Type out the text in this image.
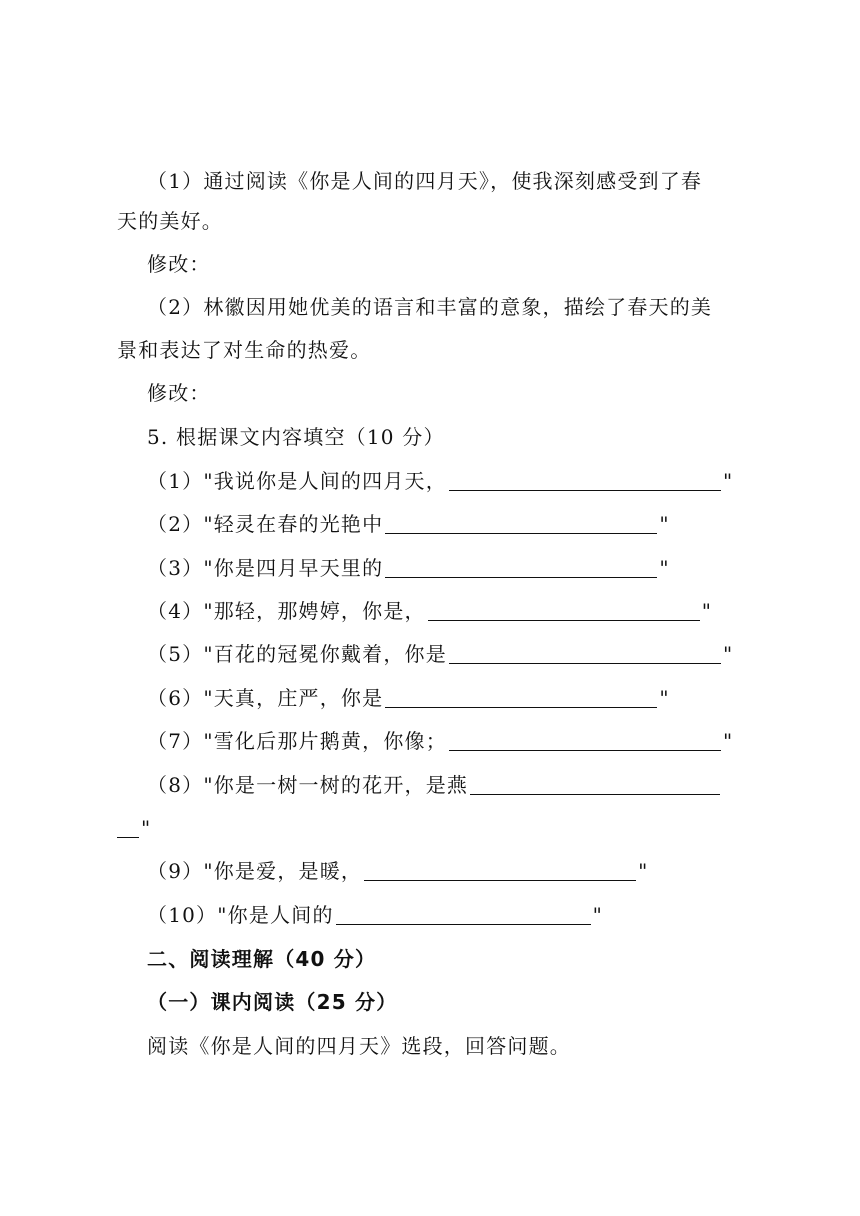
（1）通过阅读《你是人间的四月天》，使我深刻感受到了春
天的美好。
修改：
（2）林徽因用她优美的语言和丰富的意象，描绘了春天的美
景和表达了对生命的热爱。
修改：
5. 根据课文内容填空（10 分）
（1）"我说你是人间的四月天，	"
（2）"轻灵在春的光艳中	"
（3）"你是四月早天里的	"
（4）"那轻，那娉婷，你是，	"
（5）"百花的冠冕你戴着，你是	"
（6）"天真，庄严，你是	"
（7）"雪化后那片鹅黄，你像；	"
（8）"你是一树一树的花开，是燕
"
（9）"你是爱，是暖，	"
（10）"你是人间的	"
二、阅读理解（40 分）
（一）课内阅读（25 分）
阅读《你是人间的四月天》选段，回答问题。
